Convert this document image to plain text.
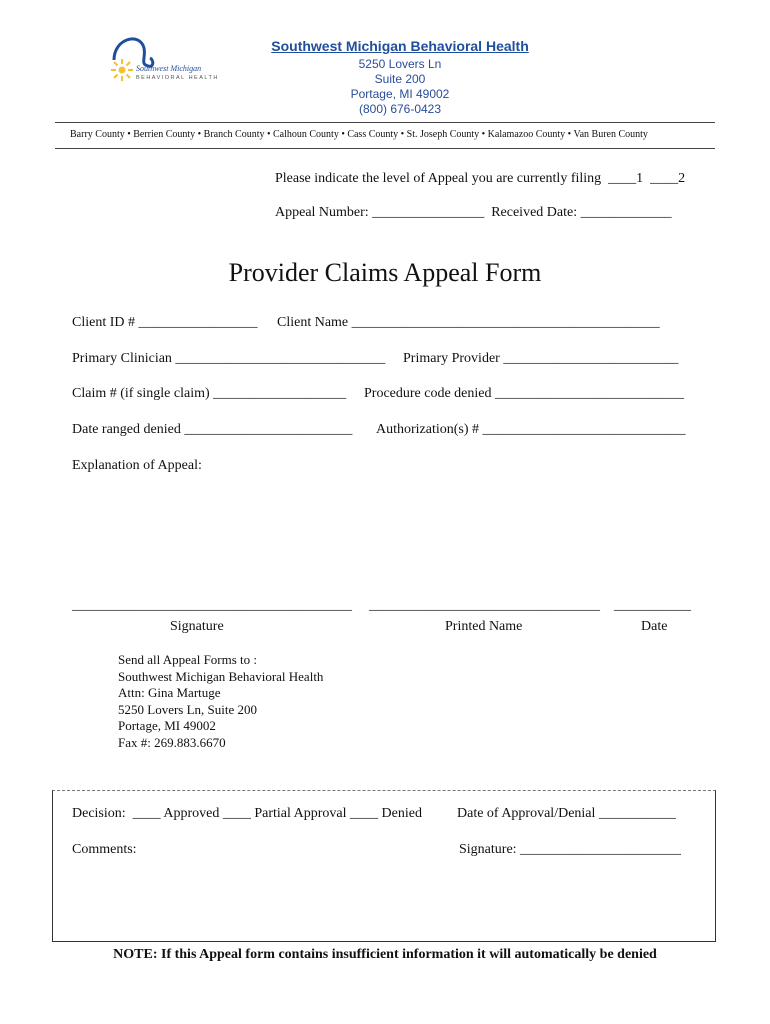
Southwest Michigan
BEHAVIORAL HEALTH
Southwest Michigan Behavioral Health
5250 Lovers Ln
Suite 200
Portage, MI 49002
(800) 676-0423
Barry County • Berrien County • Branch County • Calhoun County • Cass County • St. Joseph County • Kalamazoo County • Van Buren County
Please indicate the level of Appeal you are currently filing  ____1  ____2
Appeal Number: ________________  Received Date: _____________
Provider Claims Appeal Form
Client ID # _________________ Client Name ____________________________________________
Primary Clinician ______________________________ Primary Provider _________________________
Claim # (if single claim) ___________________ Procedure code denied ___________________________
Date ranged denied ________________________ Authorization(s) # _____________________________
Explanation of Appeal:
________________________________________ _________________________________ ___________
Signature	Printed Name	Date
Send all Appeal Forms to :
Southwest Michigan Behavioral Health
Attn: Gina Martuge
5250 Lovers Ln, Suite 200
Portage, MI 49002
Fax #: 269.883.6670
Decision:  ____ Approved ____ Partial Approval ____ Denied	Date of Approval/Denial ___________
Comments:	Signature: _______________________
NOTE: If this Appeal form contains insufficient information it will automatically be denied
